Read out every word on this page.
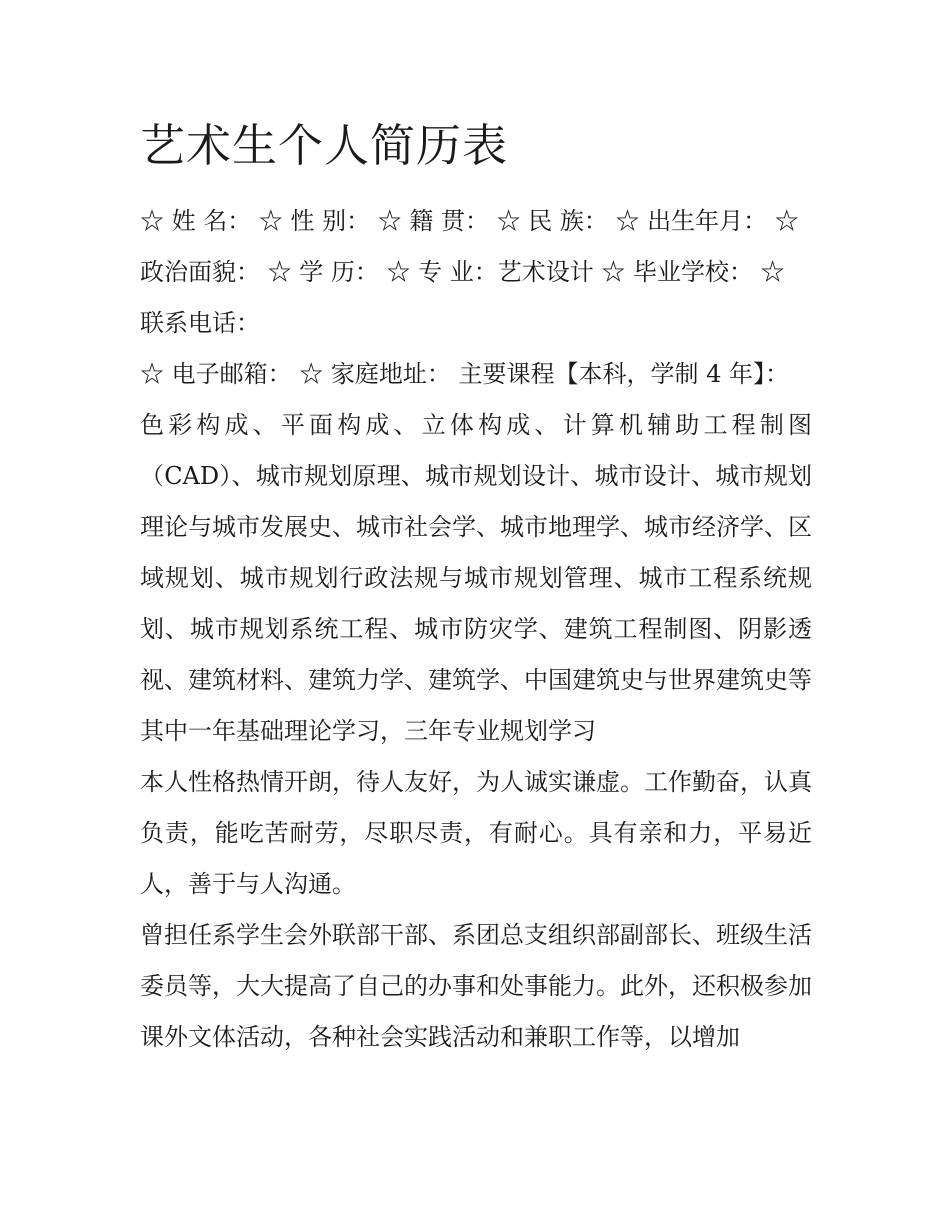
艺术生个人简历表

☆ 姓 名： ☆ 性 别： ☆ 籍 贯： ☆ 民 族： ☆ 出生年月： ☆

政治面貌： ☆ 学 历： ☆ 专 业：艺术设计 ☆ 毕业学校： ☆

联系电话：

☆ 电子邮箱： ☆ 家庭地址： 主要课程【本科，学制 4 年】：

色彩构成、平面构成、立体构成、计算机辅助工程制图（CAD）、城市规划原理、城市规划设计、城市设计、城市规划理论与城市发展史、城市社会学、城市地理学、城市经济学、区域规划、城市规划行政法规与城市规划管理、城市工程系统规划、城市规划系统工程、城市防灾学、建筑工程制图、阴影透视、建筑材料、建筑力学、建筑学、中国建筑史与世界建筑史等

其中一年基础理论学习，三年专业规划学习

本人性格热情开朗，待人友好，为人诚实谦虚。工作勤奋，认真负责，能吃苦耐劳，尽职尽责，有耐心。具有亲和力，平易近人，善于与人沟通。

曾担任系学生会外联部干部、系团总支组织部副部长、班级生活委员等，大大提高了自己的办事和处事能力。此外，还积极参加课外文体活动，各种社会实践活动和兼职工作等，以增加
